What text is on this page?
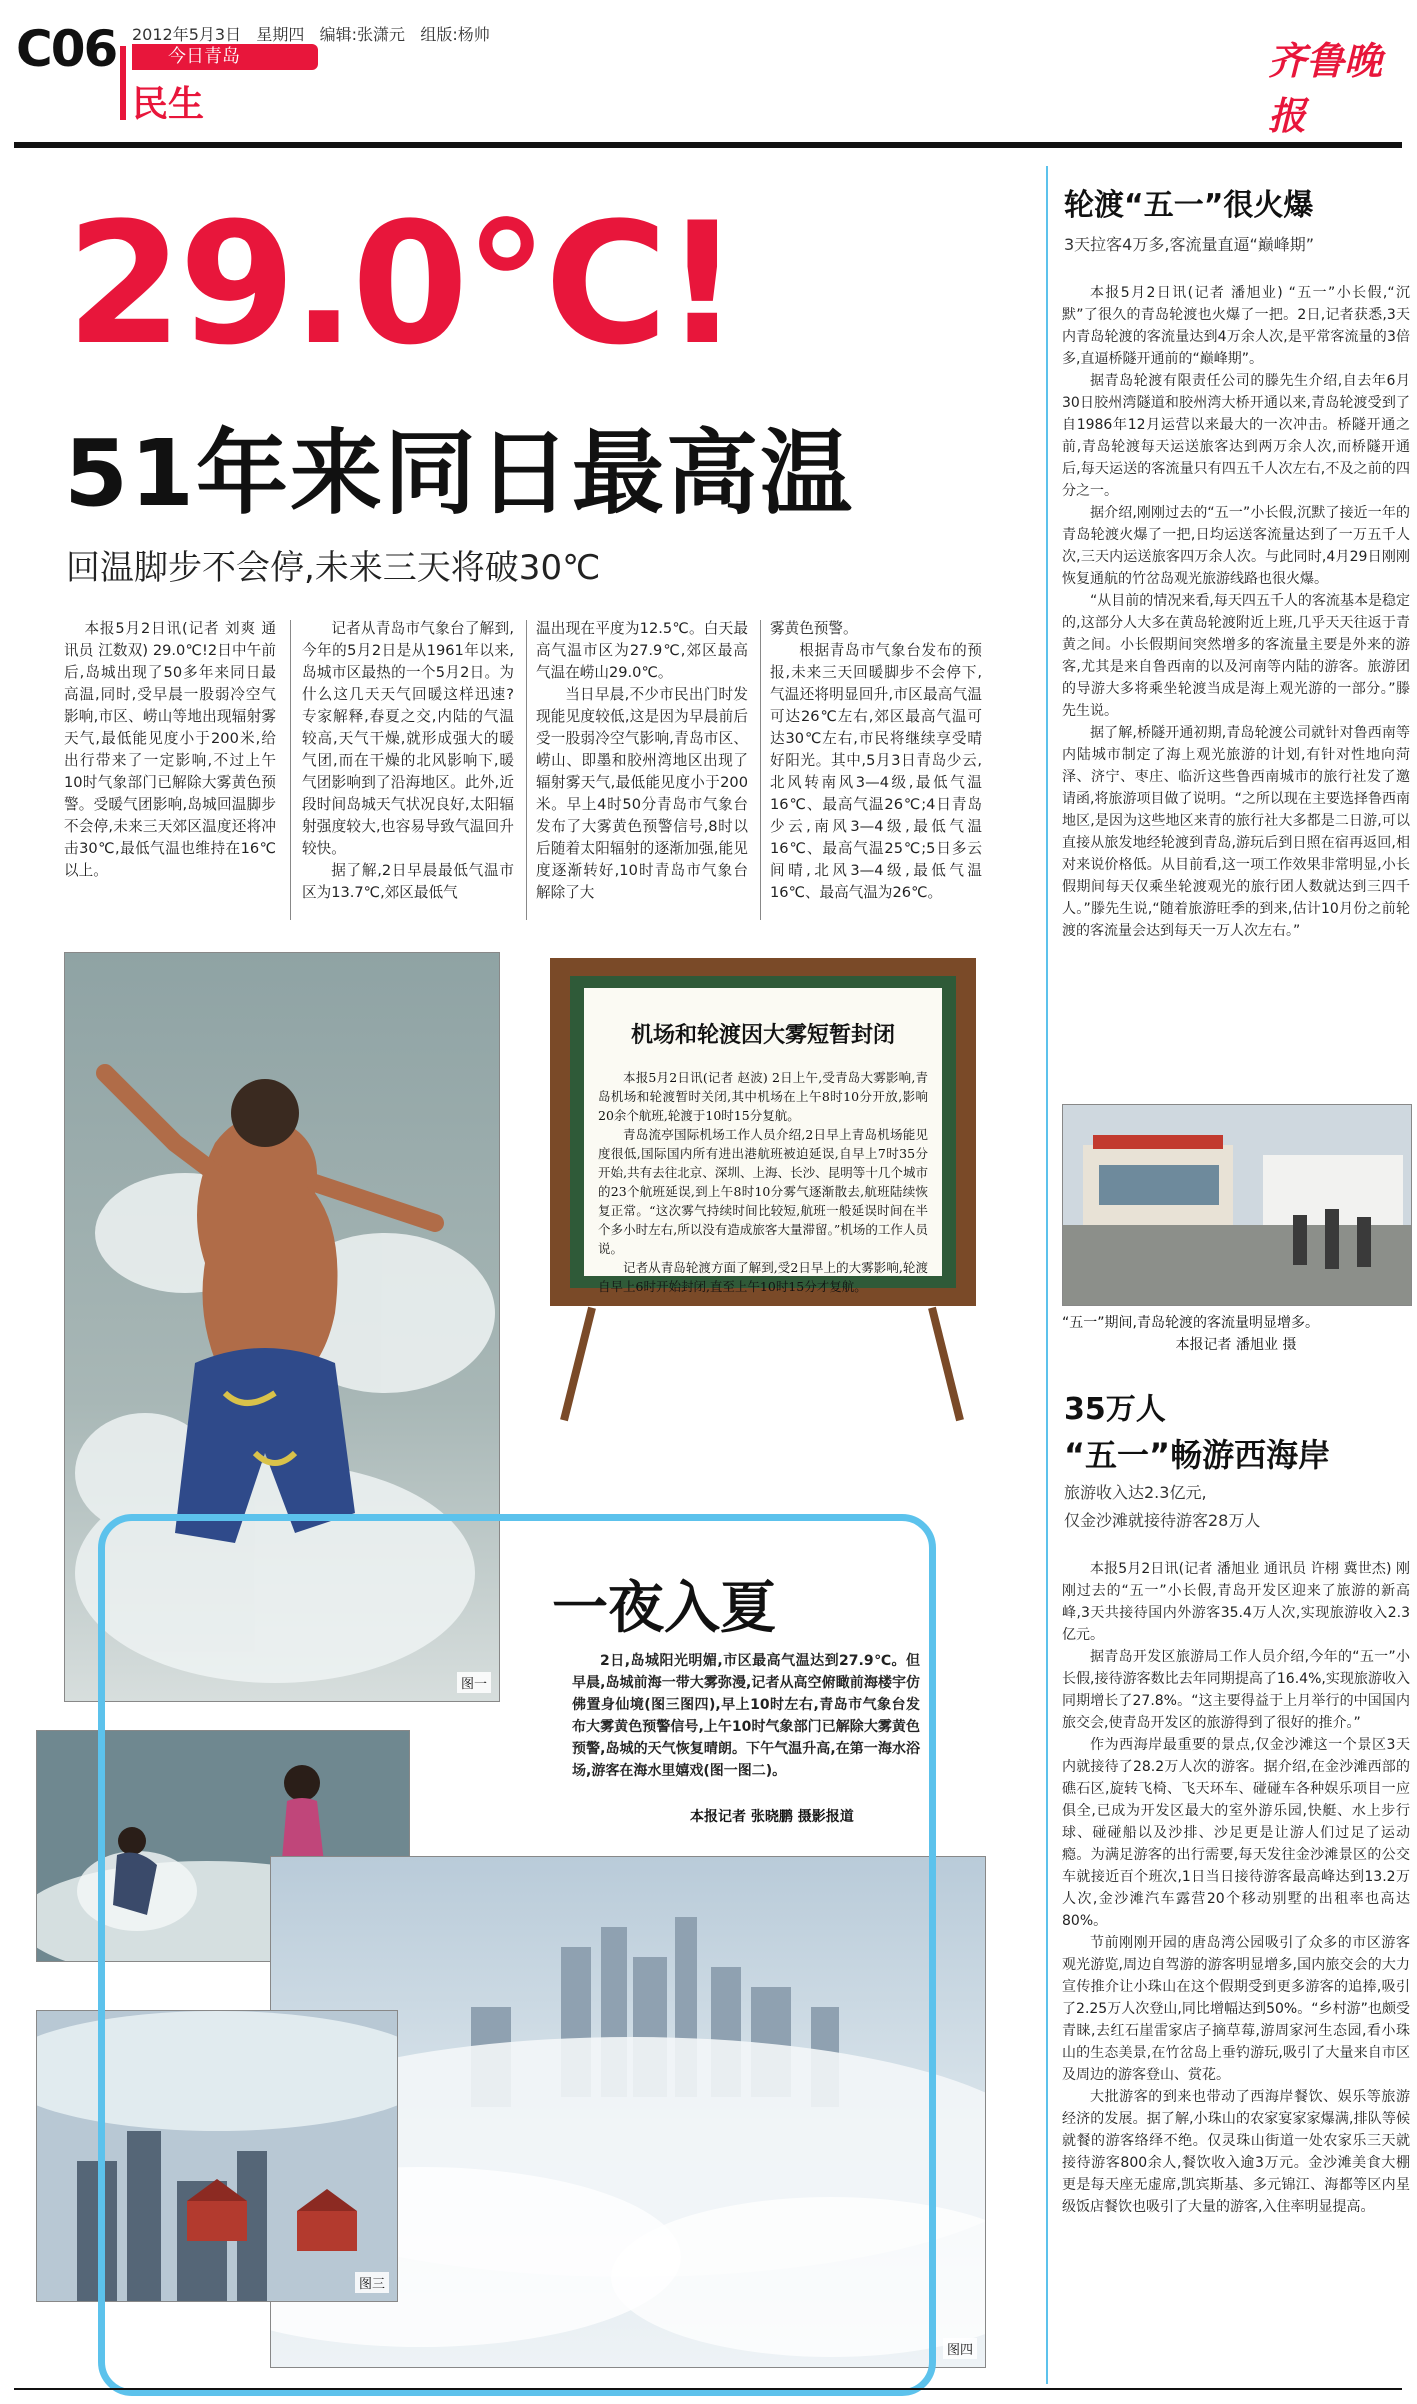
C06 2012年5月3日 星期四 编辑:张潇元 组版:杨帅
今日青岛
民生
齐鲁晚报
29.0℃!
51年来同日最高温
回温脚步不会停,未来三天将破30℃

本报5月2日讯(记者 刘爽 通讯员 江数双) 29.0℃!2日中午前后,岛城出现了50多年来同日最高温,同时,受早晨一股弱冷空气影响,市区、崂山等地出现辐射雾天气,最低能见度小于200米,给出行带来了一定影响,不过上午10时气象部门已解除大雾黄色预警。受暖气团影响,岛城回温脚步不会停,未来三天郊区温度还将冲击30℃,最低气温也维持在16℃以上。

记者从青岛市气象台了解到,今年的5月2日是从1961年以来,岛城市区最热的一个5月2日。为什么这几天天气回暖这样迅速?专家解释,春夏之交,内陆的气温较高,天气干燥,就形成强大的暖气团,而在干燥的北风影响下,暖气团影响到了沿海地区。此外,近段时间岛城天气状况良好,太阳辐射强度较大,也容易导致气温回升较快。

据了解,2日早晨最低气温市区为13.7℃,郊区最低气

温出现在平度为12.5℃。白天最高气温市区为27.9℃,郊区最高气温在崂山29.0℃。

当日早晨,不少市民出门时发现能见度较低,这是因为早晨前后受一股弱冷空气影响,青岛市区、崂山、即墨和胶州湾地区出现了辐射雾天气,最低能见度小于200米。早上4时50分青岛市气象台发布了大雾黄色预警信号,8时以后随着太阳辐射的逐渐加强,能见度逐渐转好,10时青岛市气象台解除了大

雾黄色预警。

根据青岛市气象台发布的预报,未来三天回暖脚步不会停下,气温还将明显回升,市区最高气温可达26℃左右,郊区最高气温可达30℃左右,市民将继续享受晴好阳光。其中,5月3日青岛少云,北风转南风3—4级,最低气温16℃、最高气温26℃;4日青岛少云,南风3—4级,最低气温16℃、最高气温25℃;5日多云间晴,北风3—4级,最低气温16℃、最高气温为26℃。

图一
图四
图三
机场和轮渡因大雾短暂封闭

本报5月2日讯(记者 赵波) 2日上午,受青岛大雾影响,青岛机场和轮渡暂时关闭,其中机场在上午8时10分开放,影响20余个航班,轮渡于10时15分复航。

青岛流亭国际机场工作人员介绍,2日早上青岛机场能见度很低,国际国内所有进出港航班被迫延误,自早上7时35分开始,共有去往北京、深圳、上海、长沙、昆明等十几个城市的23个航班延误,到上午8时10分雾气逐渐散去,航班陆续恢复正常。“这次雾气持续时间比较短,航班一般延误时间在半个多小时左右,所以没有造成旅客大量滞留。”机场的工作人员说。

记者从青岛轮渡方面了解到,受2日早上的大雾影响,轮渡自早上6时开始封闭,直至上午10时15分才复航。

一夜入夏

2日,岛城阳光明媚,市区最高气温达到27.9℃。但早晨,岛城前海一带大雾弥漫,记者从高空俯瞰前海楼宇仿佛置身仙境(图三图四),早上10时左右,青岛市气象台发布大雾黄色预警信号,上午10时气象部门已解除大雾黄色预警,岛城的天气恢复晴朗。下午气温升高,在第一海水浴场,游客在海水里嬉戏(图一图二)。

本报记者 张晓鹏 摄影报道
轮渡“五一”很火爆
3天拉客4万多,客流量直逼“巅峰期”

本报5月2日讯(记者 潘旭业) “五一”小长假,“沉默”了很久的青岛轮渡也火爆了一把。2日,记者获悉,3天内青岛轮渡的客流量达到4万余人次,是平常客流量的3倍多,直逼桥隧开通前的“巅峰期”。

据青岛轮渡有限责任公司的滕先生介绍,自去年6月30日胶州湾隧道和胶州湾大桥开通以来,青岛轮渡受到了自1986年12月运营以来最大的一次冲击。桥隧开通之前,青岛轮渡每天运送旅客达到两万余人次,而桥隧开通后,每天运送的客流量只有四五千人次左右,不及之前的四分之一。

据介绍,刚刚过去的“五一”小长假,沉默了接近一年的青岛轮渡火爆了一把,日均运送客流量达到了一万五千人次,三天内运送旅客四万余人次。与此同时,4月29日刚刚恢复通航的竹岔岛观光旅游线路也很火爆。

“从目前的情况来看,每天四五千人的客流基本是稳定的,这部分人大多在黄岛轮渡附近上班,几乎天天往返于青黄之间。小长假期间突然增多的客流量主要是外来的游客,尤其是来自鲁西南的以及河南等内陆的游客。旅游团的导游大多将乘坐轮渡当成是海上观光游的一部分。”滕先生说。

据了解,桥隧开通初期,青岛轮渡公司就针对鲁西南等内陆城市制定了海上观光旅游的计划,有针对性地向菏泽、济宁、枣庄、临沂这些鲁西南城市的旅行社发了邀请函,将旅游项目做了说明。“之所以现在主要选择鲁西南地区,是因为这些地区来青的旅行社大多都是二日游,可以直接从旅发地经轮渡到青岛,游玩后到日照在宿再返回,相对来说价格低。从目前看,这一项工作效果非常明显,小长假期间每天仅乘坐轮渡观光的旅行团人数就达到三四千人。”滕先生说,“随着旅游旺季的到来,估计10月份之前轮渡的客流量会达到每天一万人次左右。”

“五一”期间,青岛轮渡的客流量明显增多。
本报记者 潘旭业 摄
35万人
“五一”畅游西海岸
旅游收入达2.3亿元,
仅金沙滩就接待游客28万人

本报5月2日讯(记者 潘旭业 通讯员 许栩 冀世杰) 刚刚过去的“五一”小长假,青岛开发区迎来了旅游的新高峰,3天共接待国内外游客35.4万人次,实现旅游收入2.3亿元。

据青岛开发区旅游局工作人员介绍,今年的“五一”小长假,接待游客数比去年同期提高了16.4%,实现旅游收入同期增长了27.8%。“这主要得益于上月举行的中国国内旅交会,使青岛开发区的旅游得到了很好的推介。”

作为西海岸最重要的景点,仅金沙滩这一个景区3天内就接待了28.2万人次的游客。据介绍,在金沙滩西部的礁石区,旋转飞椅、飞天环车、碰碰车各种娱乐项目一应俱全,已成为开发区最大的室外游乐园,快艇、水上步行球、碰碰船以及沙排、沙足更是让游人们过足了运动瘾。为满足游客的出行需要,每天发往金沙滩景区的公交车就接近百个班次,1日当日接待游客最高峰达到13.2万人次,金沙滩汽车露营20个移动别墅的出租率也高达80%。

节前刚刚开园的唐岛湾公园吸引了众多的市区游客观光游览,周边自驾游的游客明显增多,国内旅交会的大力宣传推介让小珠山在这个假期受到更多游客的追捧,吸引了2.25万人次登山,同比增幅达到50%。“乡村游”也颇受青睐,去红石崖雷家店子摘草莓,游周家河生态园,看小珠山的生态美景,在竹岔岛上垂钓游玩,吸引了大量来自市区及周边的游客登山、赏花。

大批游客的到来也带动了西海岸餐饮、娱乐等旅游经济的发展。据了解,小珠山的农家宴家家爆满,排队等候就餐的游客络绎不绝。仅灵珠山街道一处农家乐三天就接待游客800余人,餐饮收入逾3万元。金沙滩美食大棚更是每天座无虚席,凯宾斯基、多元锦江、海都等区内星级饭店餐饮也吸引了大量的游客,入住率明显提高。
